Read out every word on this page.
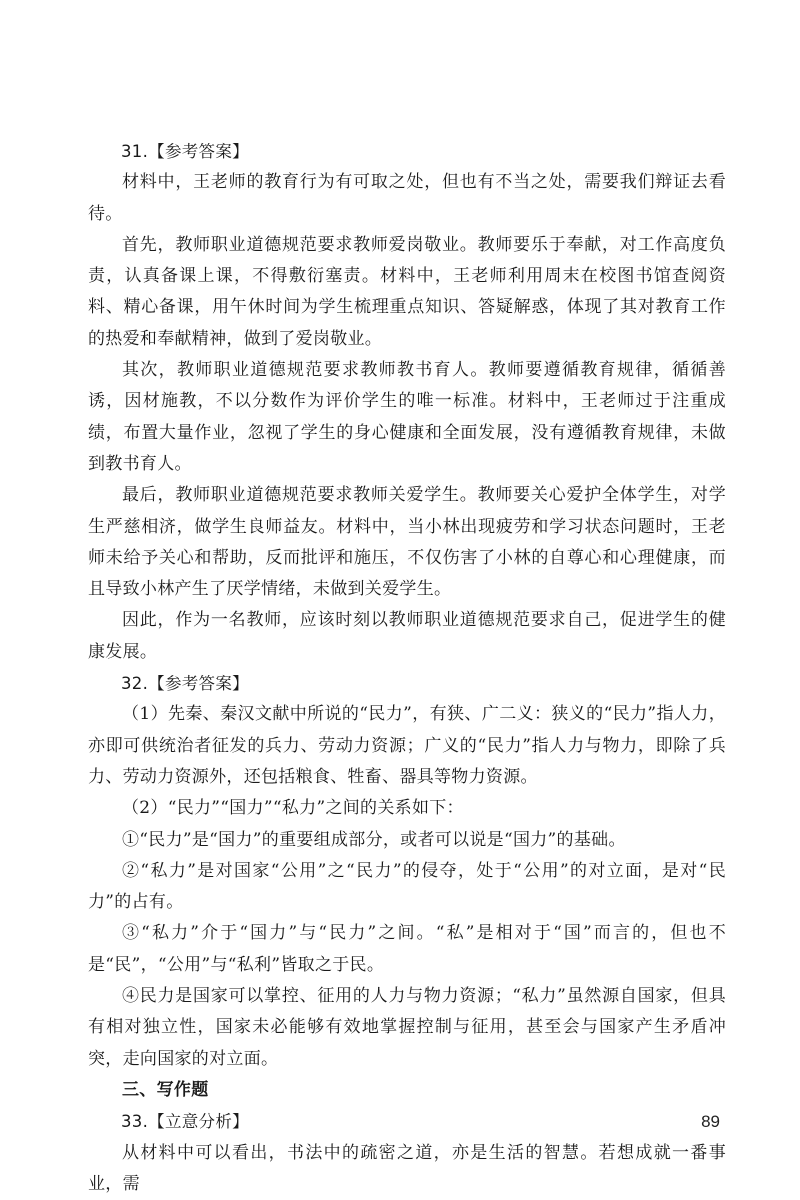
31.【参考答案】

材料中，王老师的教育行为有可取之处，但也有不当之处，需要我们辩证去看待。

首先，教师职业道德规范要求教师爱岗敬业。教师要乐于奉献，对工作高度负责，认真备课上课，不得敷衍塞责。材料中，王老师利用周末在校图书馆查阅资料、精心备课，用午休时间为学生梳理重点知识、答疑解惑，体现了其对教育工作的热爱和奉献精神，做到了爱岗敬业。

其次，教师职业道德规范要求教师教书育人。教师要遵循教育规律，循循善诱，因材施教，不以分数作为评价学生的唯一标准。材料中，王老师过于注重成绩，布置大量作业，忽视了学生的身心健康和全面发展，没有遵循教育规律，未做到教书育人。

最后，教师职业道德规范要求教师关爱学生。教师要关心爱护全体学生，对学生严慈相济，做学生良师益友。材料中，当小林出现疲劳和学习状态问题时，王老师未给予关心和帮助，反而批评和施压，不仅伤害了小林的自尊心和心理健康，而且导致小林产生了厌学情绪，未做到关爱学生。

因此，作为一名教师，应该时刻以教师职业道德规范要求自己，促进学生的健康发展。

32.【参考答案】

（1）先秦、秦汉文献中所说的“民力”，有狭、广二义：狭义的“民力”指人力，亦即可供统治者征发的兵力、劳动力资源；广义的“民力”指人力与物力，即除了兵力、劳动力资源外，还包括粮食、牲畜、器具等物力资源。

（2）“民力”“国力”“私力”之间的关系如下：

①“民力”是“国力”的重要组成部分，或者可以说是“国力”的基础。

②“私力”是对国家“公用”之“民力”的侵夺，处于“公用”的对立面，是对“民力”的占有。

③“私力”介于“国力”与“民力”之间。“私”是相对于“国”而言的，但也不是“民”，“公用”与“私利”皆取之于民。

④民力是国家可以掌控、征用的人力与物力资源；“私力”虽然源自国家，但具有相对独立性，国家未必能够有效地掌握控制与征用，甚至会与国家产生矛盾冲突，走向国家的对立面。

三、写作题

33.【立意分析】

从材料中可以看出，书法中的疏密之道，亦是生活的智慧。若想成就一番事业，需

89
